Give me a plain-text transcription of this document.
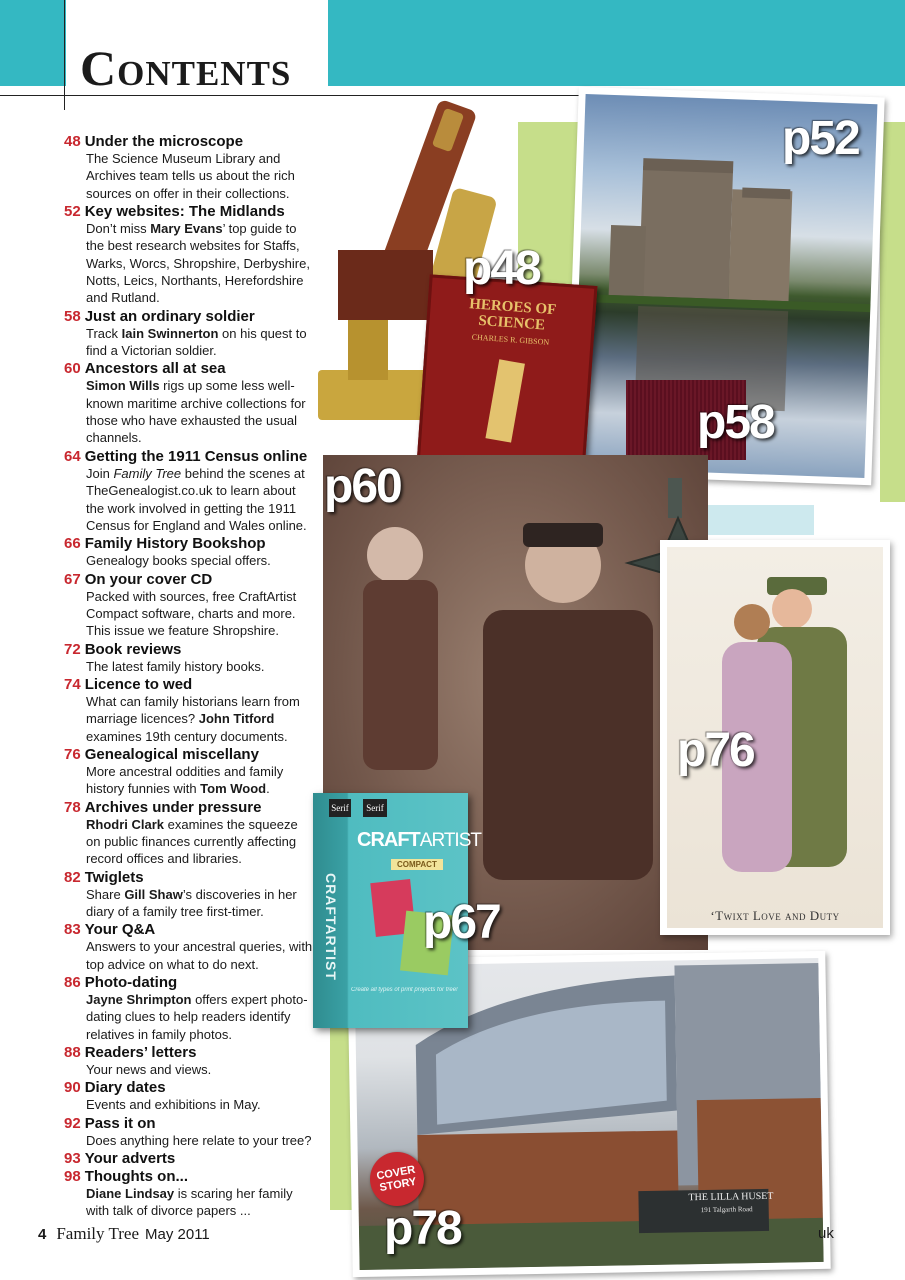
Contents
48 Under the microscope
The Science Museum Library and Archives team tells us about the rich sources on offer in their collections.
52 Key websites: The Midlands
Don’t miss Mary Evans’ top guide to the best research websites for Staffs, Warks, Worcs, Shropshire, Derbyshire, Notts, Leics, Northants, Herefordshire and Rutland.
58 Just an ordinary soldier
Track Iain Swinnerton on his quest to find a Victorian soldier.
60 Ancestors all at sea
Simon Wills rigs up some less well-known maritime archive collections for those who have exhausted the usual channels.
64 Getting the 1911 Census online
Join Family Tree behind the scenes at TheGenealogist.co.uk to learn about the work involved in getting the 1911 Census for England and Wales online.
66 Family History Bookshop
Genealogy books special offers.
67 On your cover CD
Packed with sources, free CraftArtist Compact software, charts and more. This issue we feature Shropshire.
72 Book reviews
The latest family history books.
74 Licence to wed
What can family historians learn from marriage licences? John Titford examines 19th century documents.
76 Genealogical miscellany
More ancestral oddities and family history funnies with Tom Wood.
78 Archives under pressure
Rhodri Clark examines the squeeze on public finances currently affecting record offices and libraries.
82 Twiglets
Share Gill Shaw’s discoveries in her diary of a family tree first-timer.
83 Your Q&A
Answers to your ancestral queries, with top advice on what to do next.
86 Photo-dating
Jayne Shrimpton offers expert photo-dating clues to help readers identify relatives in family photos.
88 Readers’ letters
Your news and views.
90 Diary dates
Events and exhibitions in May.
92 Pass it on
Does anything here relate to your tree?
93 Your adverts
98 Thoughts on...
Diane Lindsay is scaring her family with talk of divorce papers ...
HEROES OF SCIENCE
CHARLES R. GIBSON
‘Twixt Love and Duty
THE LILLA HUSET
191 Talgarth Road
COVER STORY
Serif	Serif
CRAFTARTIST
COMPACT
CRAFTARTIST
Create all types of print projects for free!
p52
p48
p58
p60
p76
p67
p78
4 Family Tree May 2011	uk
